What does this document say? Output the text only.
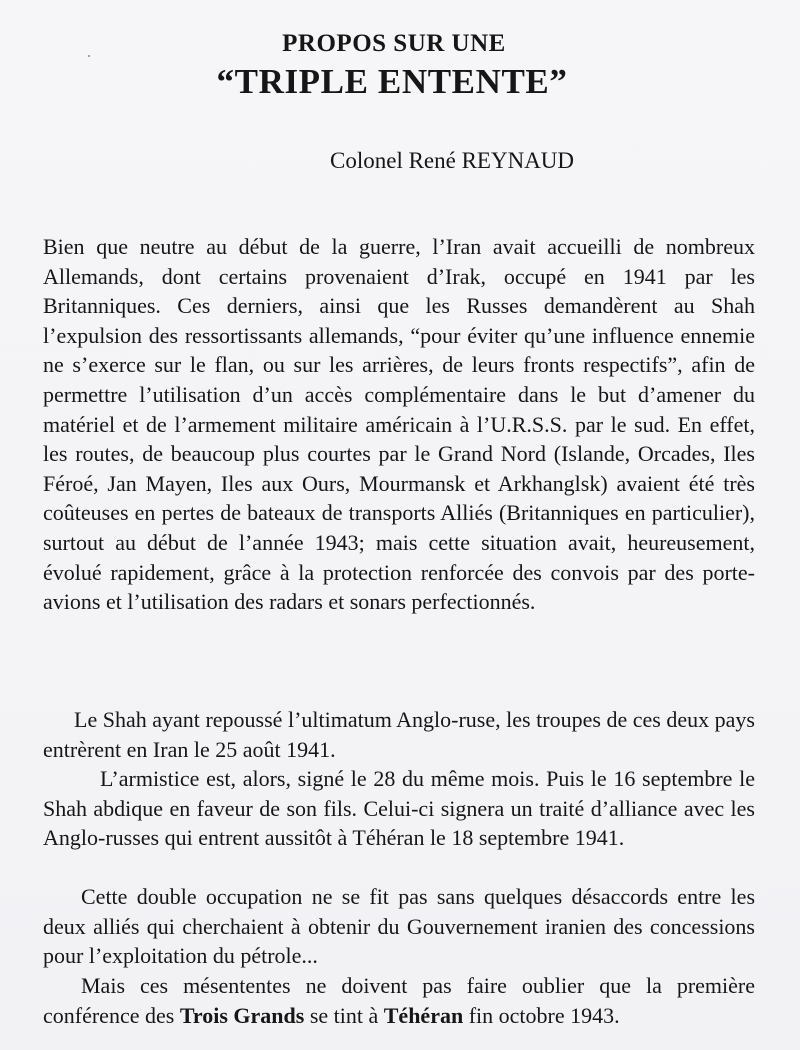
PROPOS SUR UNE
“TRIPLE ENTENTE”
Colonel René REYNAUD

Bien que neutre au début de la guerre, l’Iran avait accueilli de nombreux Allemands, dont certains provenaient d’Irak, occupé en 1941 par les Britanniques. Ces derniers, ainsi que les Russes demandèrent au Shah l’expulsion des ressortissants allemands, “pour éviter qu’une influence ennemie ne s’exerce sur le flan, ou sur les arrières, de leurs fronts respectifs”, afin de permettre l’utilisation d’un accès complémentaire dans le but d’amener du matériel et de l’armement militaire américain à l’U.R.S.S. par le sud. En effet, les routes, de beaucoup plus courtes par le Grand Nord (Islande, Orcades, Iles Féroé, Jan Mayen, Iles aux Ours, Mourmansk et Arkhanglsk) avaient été très coûteuses en pertes de bateaux de transports Alliés (Britanniques en particulier), surtout au début de l’année 1943; mais cette situation avait, heureusement, évolué rapidement, grâce à la protection renforcée des convois par des porte-avions et l’utilisation des radars et sonars perfectionnés.

Le Shah ayant repoussé l’ultimatum Anglo-ruse, les troupes de ces deux pays entrèrent en Iran le 25 août 1941.

L’armistice est, alors, signé le 28 du même mois. Puis le 16 septembre le Shah abdique en faveur de son fils. Celui-ci signera un traité d’alliance avec les Anglo-russes qui entrent aussitôt à Téhéran le 18 septembre 1941.

Cette double occupation ne se fit pas sans quelques désaccords entre les deux alliés qui cherchaient à obtenir du Gouvernement iranien des concessions pour l’exploitation du pétrole...

Mais ces mésententes ne doivent pas faire oublier que la première conférence des Trois Grands se tint à Téhéran fin octobre 1943.
